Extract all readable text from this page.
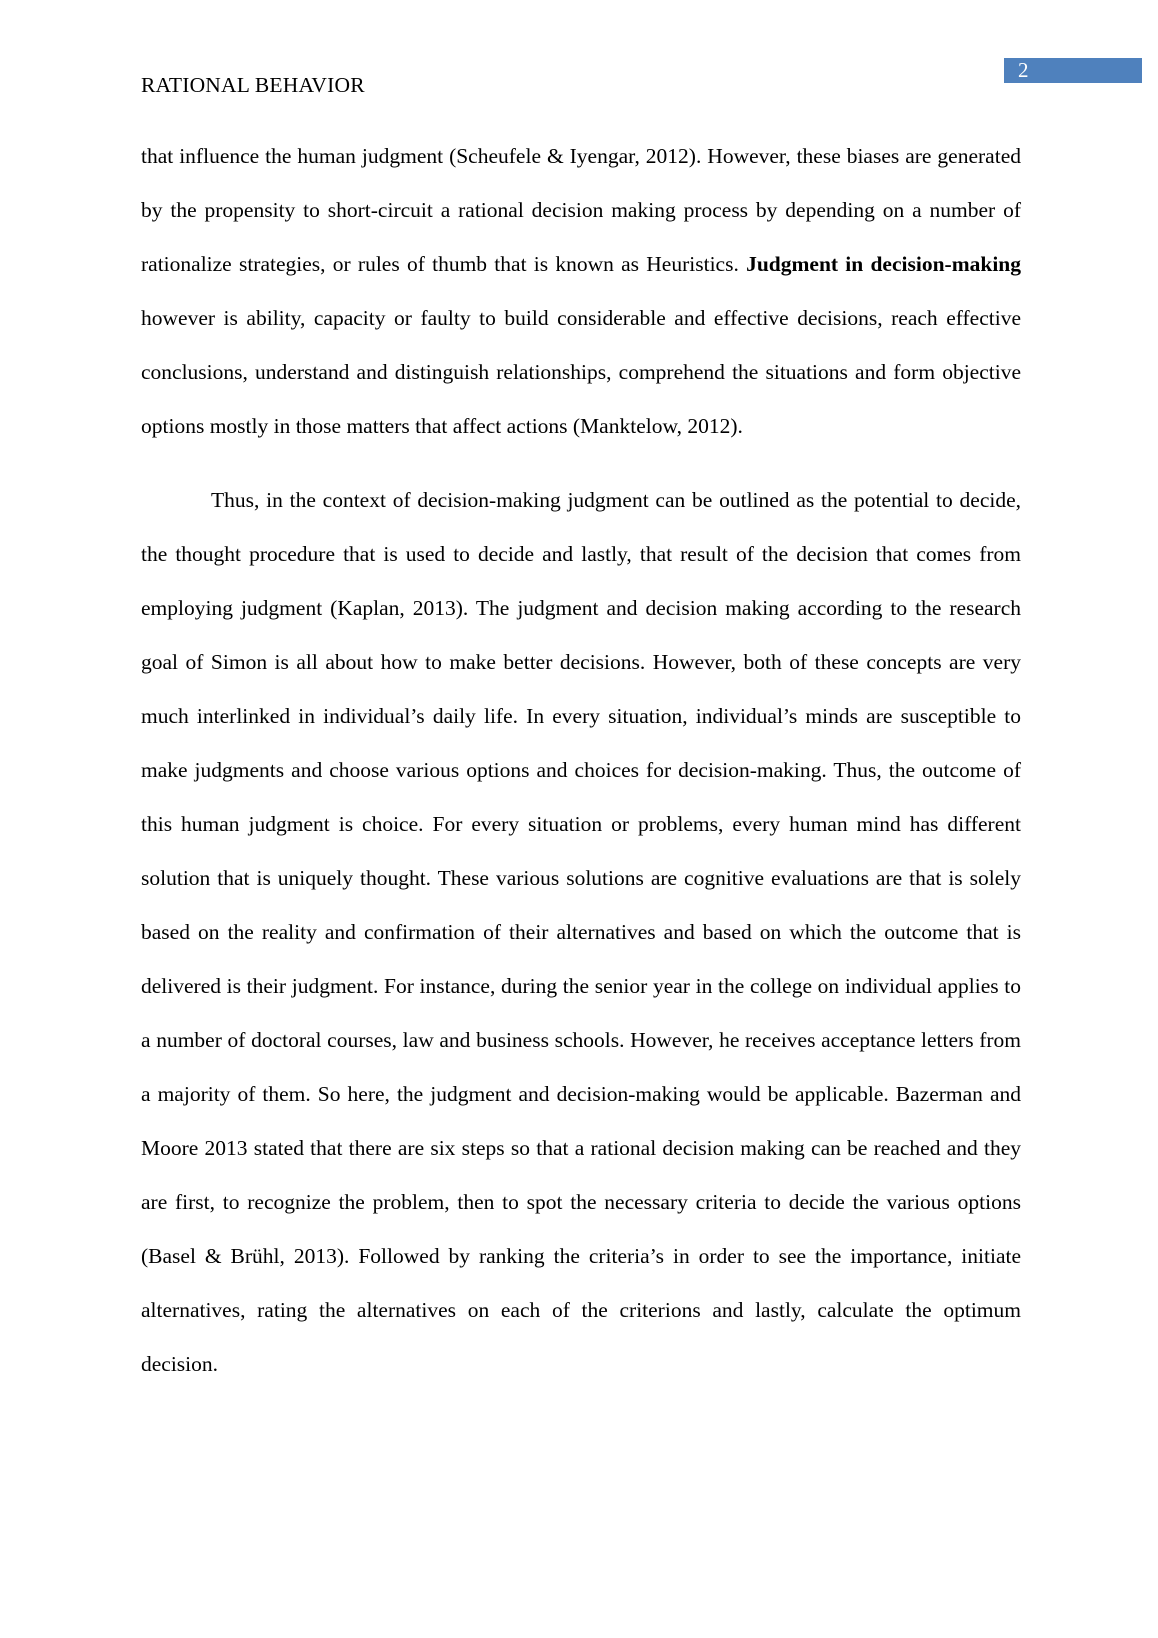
2
RATIONAL BEHAVIOR

that influence the human judgment (Scheufele & Iyengar, 2012). However, these biases are generated by the propensity to short-circuit a rational decision making process by depending on a number of rationalize strategies, or rules of thumb that is known as Heuristics. Judgment in decision-making however is ability, capacity or faulty to build considerable and effective decisions, reach effective conclusions, understand and distinguish relationships, comprehend the situations and form objective options mostly in those matters that affect actions (Manktelow, 2012).

Thus, in the context of decision-making judgment can be outlined as the potential to decide, the thought procedure that is used to decide and lastly, that result of the decision that comes from employing judgment (Kaplan, 2013). The judgment and decision making according to the research goal of Simon is all about how to make better decisions. However, both of these concepts are very much interlinked in individual’s daily life. In every situation, individual’s minds are susceptible to make judgments and choose various options and choices for decision-making. Thus, the outcome of this human judgment is choice. For every situation or problems, every human mind has different solution that is uniquely thought. These various solutions are cognitive evaluations are that is solely based on the reality and confirmation of their alternatives and based on which the outcome that is delivered is their judgment. For instance, during the senior year in the college on individual applies to a number of doctoral courses, law and business schools. However, he receives acceptance letters from a majority of them. So here, the judgment and decision-making would be applicable. Bazerman and Moore 2013 stated that there are six steps so that a rational decision making can be reached and they are first, to recognize the problem, then to spot the necessary criteria to decide the various options (Basel & Brühl, 2013). Followed by ranking the criteria’s in order to see the importance, initiate alternatives, rating the alternatives on each of the criterions and lastly, calculate the optimum decision.
